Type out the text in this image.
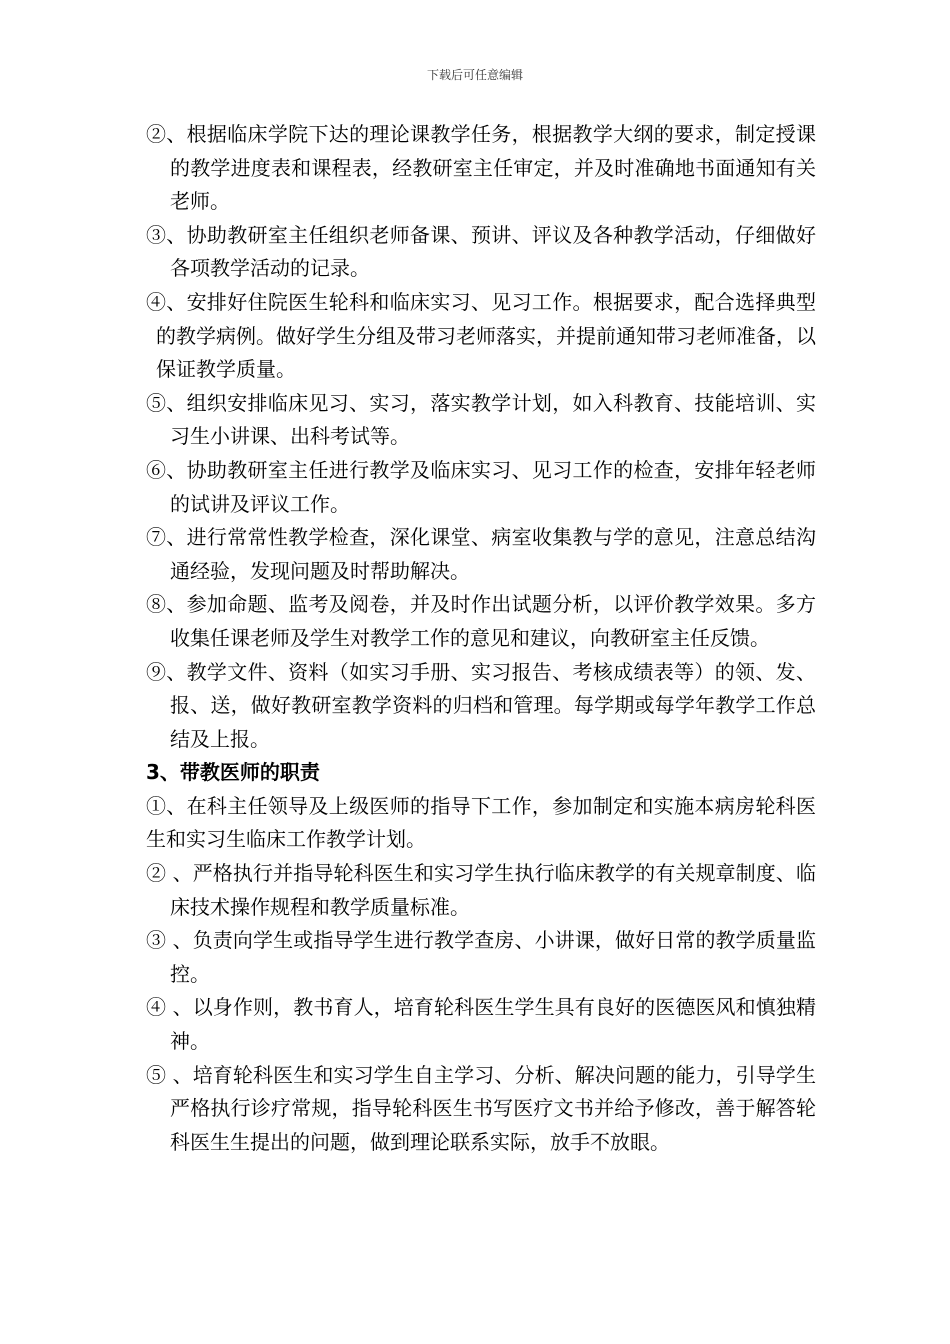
下载后可任意编辑

②、根据临床学院下达的理论课教学任务，根据教学大纲的要求，制定授课的教学进度表和课程表，经教研室主任审定，并及时准确地书面通知有关老师。

③、协助教研室主任组织老师备课、预讲、评议及各种教学活动，仔细做好各项教学活动的记录。

④、安排好住院医生轮科和临床实习、见习工作。根据要求，配合选择典型的教学病例。做好学生分组及带习老师落实，并提前通知带习老师准备，以保证教学质量。

⑤、组织安排临床见习、实习，落实教学计划，如入科教育、技能培训、实习生小讲课、出科考试等。

⑥、协助教研室主任进行教学及临床实习、见习工作的检查，安排年轻老师的试讲及评议工作。

⑦、进行常常性教学检查，深化课堂、病室收集教与学的意见，注意总结沟通经验，发现问题及时帮助解决。

⑧、参加命题、监考及阅卷，并及时作出试题分析，以评价教学效果。多方收集任课老师及学生对教学工作的意见和建议，向教研室主任反馈。

⑨、教学文件、资料（如实习手册、实习报告、考核成绩表等）的领、发、报、送，做好教研室教学资料的归档和管理。每学期或每学年教学工作总结及上报。

3、带教医师的职责

①、在科主任领导及上级医师的指导下工作，参加制定和实施本病房轮科医生和实习生临床工作教学计划。

② 、严格执行并指导轮科医生和实习学生执行临床教学的有关规章制度、临床技术操作规程和教学质量标准。

③ 、负责向学生或指导学生进行教学查房、小讲课，做好日常的教学质量监控。

④ 、以身作则，教书育人，培育轮科医生学生具有良好的医德医风和慎独精神。

⑤ 、培育轮科医生和实习学生自主学习、分析、解决问题的能力，引导学生严格执行诊疗常规，指导轮科医生书写医疗文书并给予修改，善于解答轮科医生生提出的问题，做到理论联系实际，放手不放眼。
